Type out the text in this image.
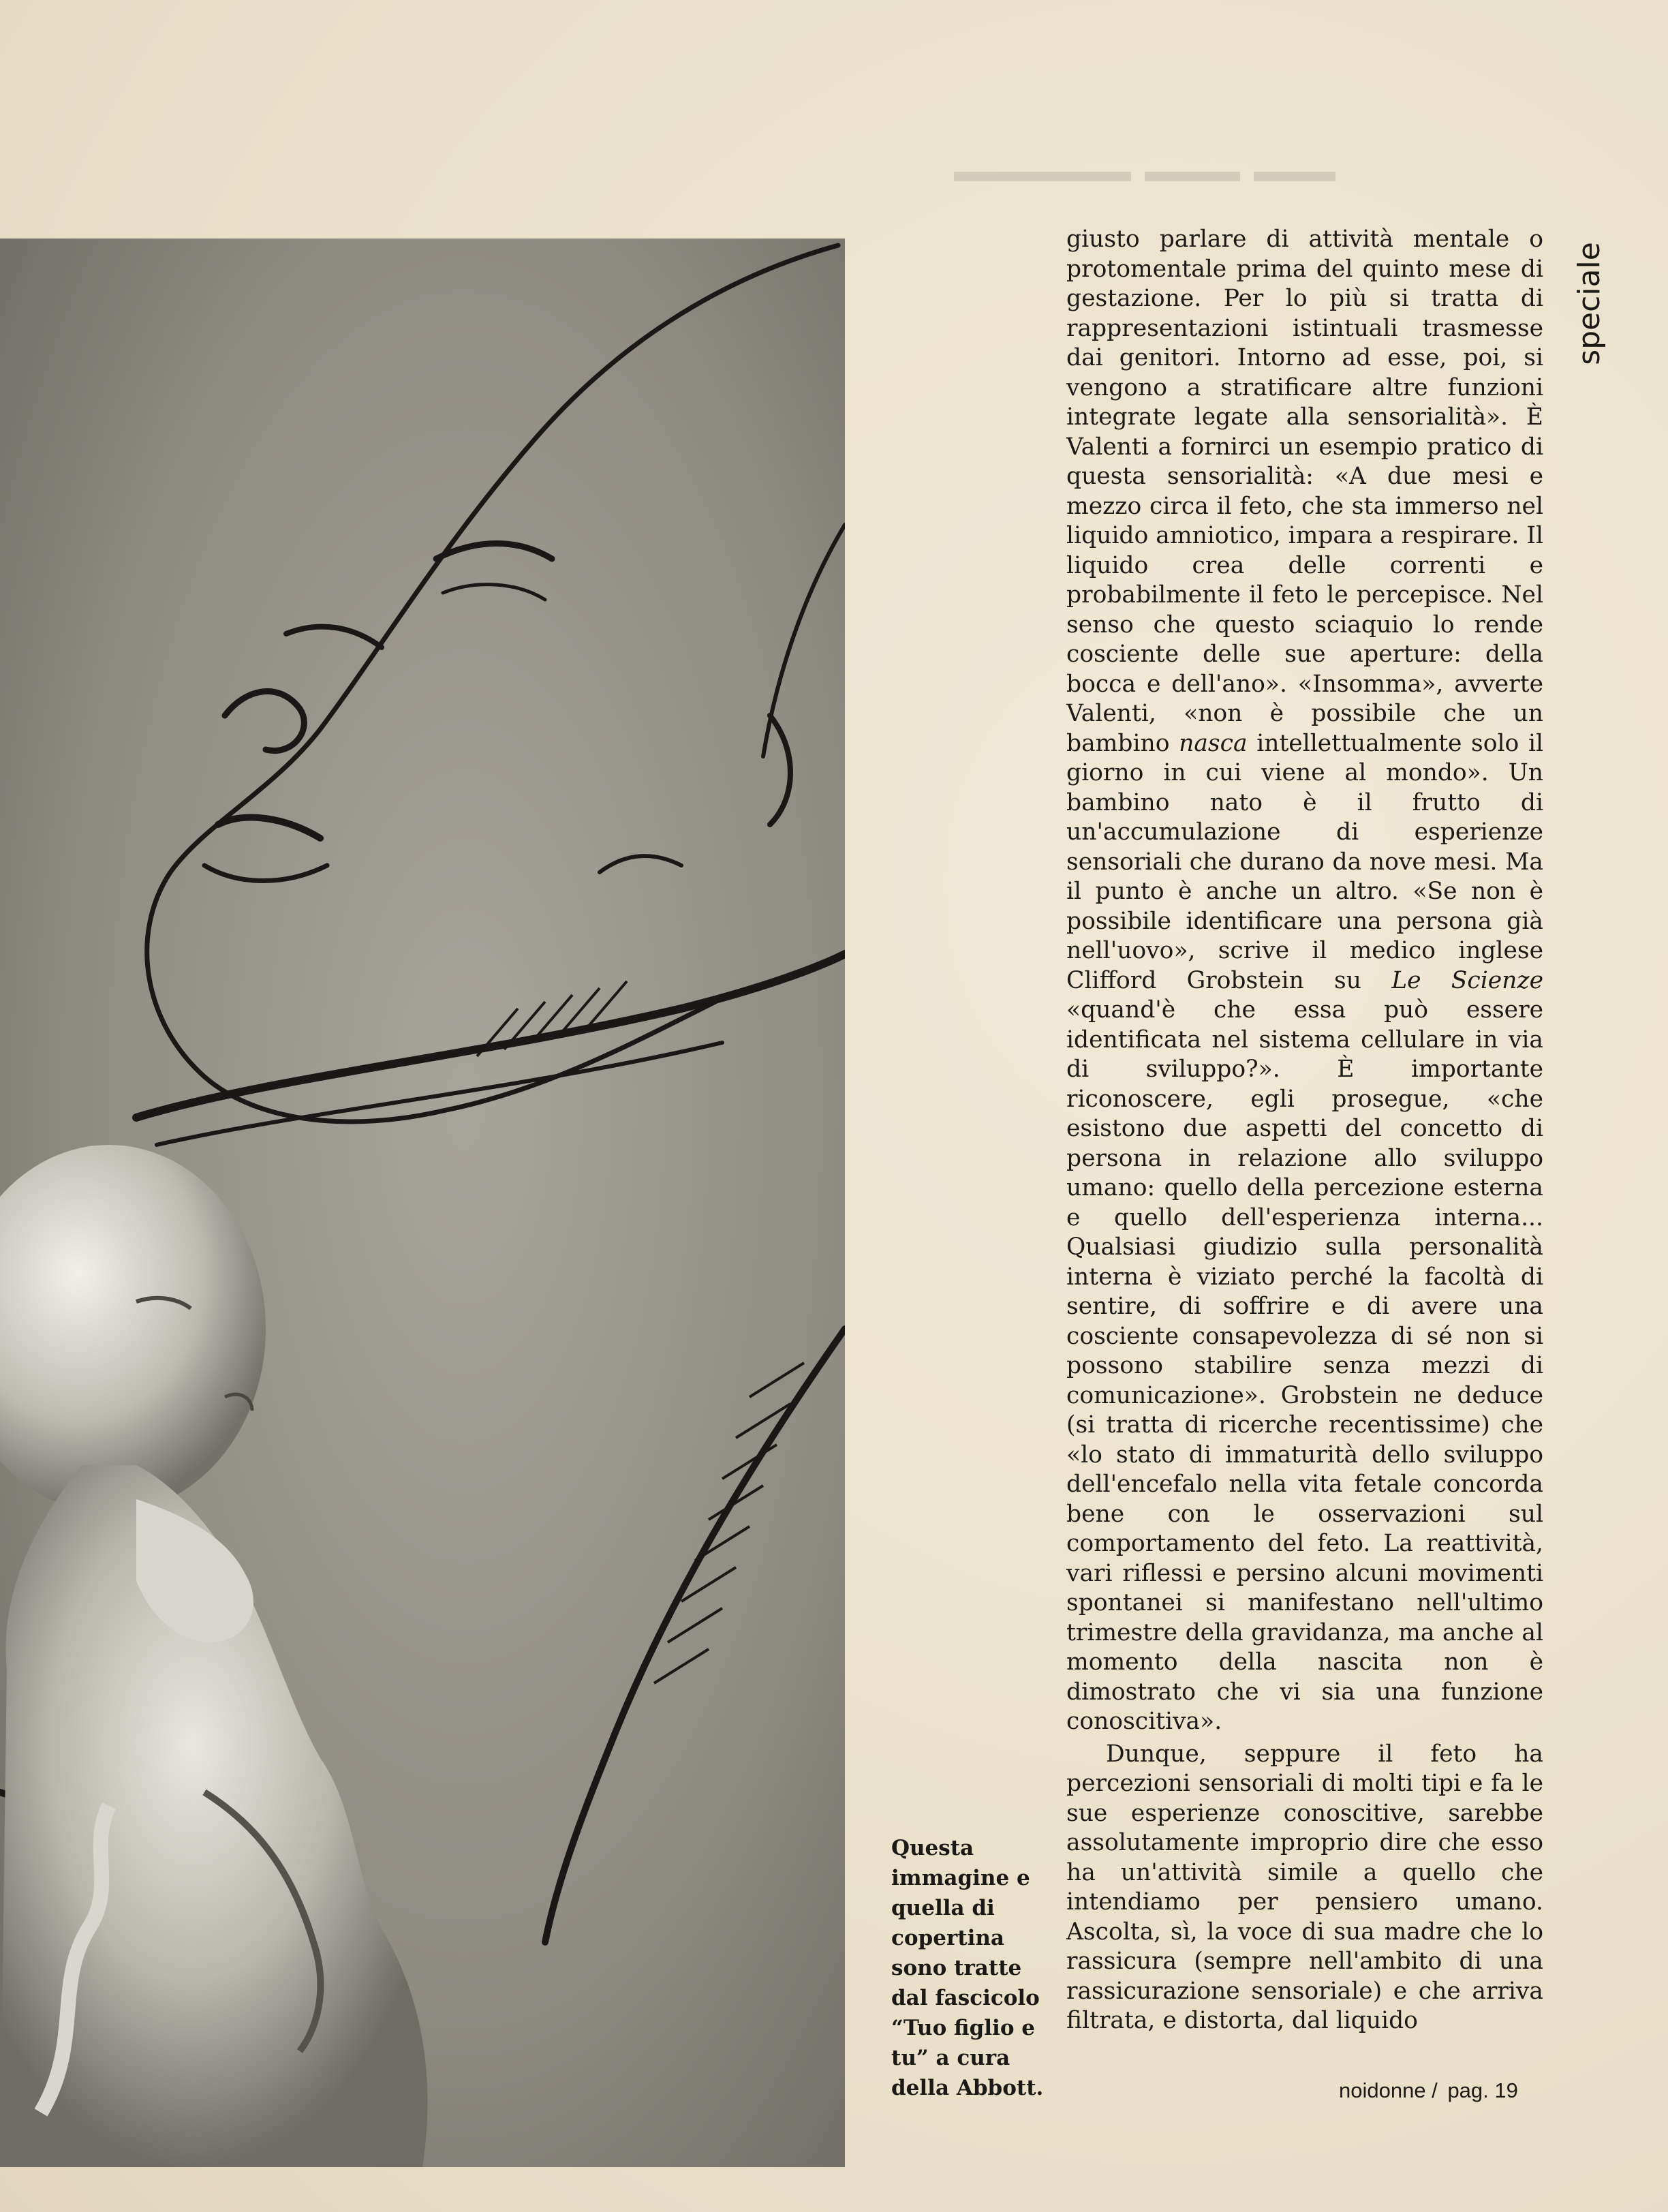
Questa
immagine e
quella di
copertina
sono tratte
dal fascicolo
“Tuo figlio e
tu” a cura
della Abbott.

giusto parlare di attività mentale o protomentale prima del quinto mese di gestazione. Per lo più si tratta di rappresentazioni istintuali trasmesse dai genitori. Intorno ad esse, poi, si vengono a stratificare altre funzioni integrate legate alla sensorialità». È Valenti a fornirci un esempio pratico di questa sensorialità: «A due mesi e mezzo circa il feto, che sta immerso nel liquido amniotico, impara a respirare. Il liquido crea delle correnti e probabilmente il feto le percepisce. Nel senso che questo sciaquio lo rende cosciente delle sue aperture: della bocca e dell'ano». «Insomma», avverte Valenti, «non è possibile che un bambino nasca intellettualmente solo il giorno in cui viene al mondo». Un bambino nato è il frutto di un'accumulazione di esperienze sensoriali che durano da nove mesi. Ma il punto è anche un altro. «Se non è possibile identificare una persona già nell'uovo», scrive il medico inglese Clifford Grobstein su Le Scienze «quand'è che essa può essere identificata nel sistema cellulare in via di sviluppo?». È importante riconoscere, egli prosegue, «che esistono due aspetti del concetto di persona in relazione allo sviluppo umano: quello della percezione esterna e quello dell'esperienza interna... Qualsiasi giudizio sulla personalità interna è viziato perché la facoltà di sentire, di soffrire e di avere una cosciente consapevolezza di sé non si possono stabilire senza mezzi di comunicazione». Grobstein ne deduce (si tratta di ricerche recentissime) che «lo stato di immaturità dello sviluppo dell'encefalo nella vita fetale concorda bene con le osservazioni sul comportamento del feto. La reattività, vari riflessi e persino alcuni movimenti spontanei si manifestano nell'ultimo trimestre della gravidanza, ma anche al momento della nascita non è dimostrato che vi sia una funzione conoscitiva».

Dunque, seppure il feto ha percezioni sensoriali di molti tipi e fa le sue esperienze conoscitive, sarebbe assolutamente improprio dire che esso ha un'attività simile a quello che intendiamo per pensiero umano. Ascolta, sì, la voce di sua madre che lo rassicura (sempre nell'ambito di una rassicurazione sensoriale) e che arriva filtrata, e distorta, dal liquido

speciale
noidonne / pag. 19
